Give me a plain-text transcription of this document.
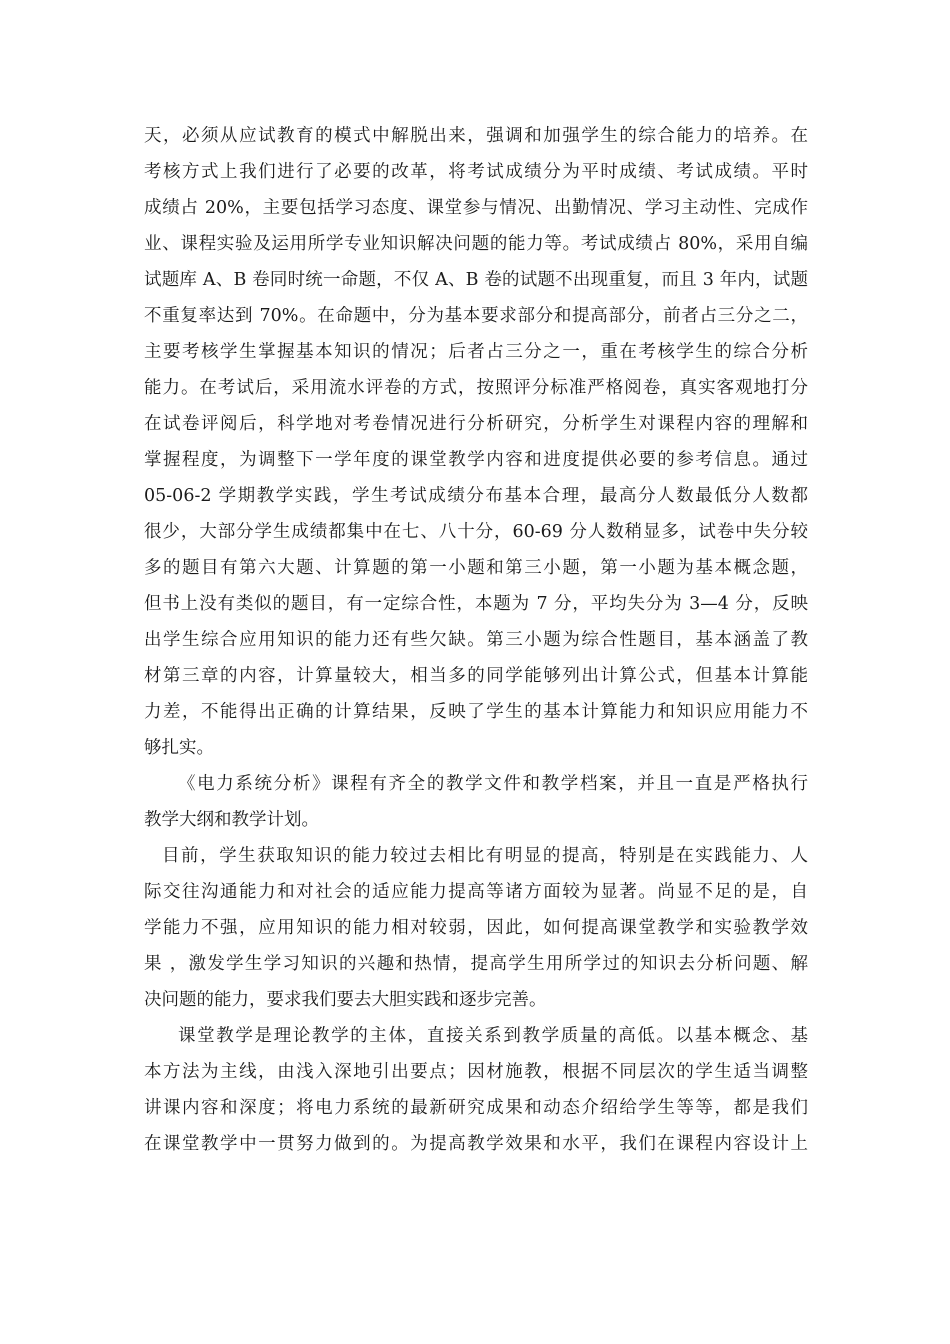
天，必须从应试教育的模式中解脱出来，强调和加强学生的综合能力的培养。在
考核方式上我们进行了必要的改革，将考试成绩分为平时成绩、考试成绩。平时
成绩占 20%，主要包括学习态度、课堂参与情况、出勤情况、学习主动性、完成作
业、课程实验及运用所学专业知识解决问题的能力等。考试成绩占 80%，采用自编
试题库 A、B 卷同时统一命题，不仅 A、B 卷的试题不出现重复，而且 3 年内，试题
不重复率达到 70%。在命题中，分为基本要求部分和提高部分，前者占三分之二，
主要考核学生掌握基本知识的情况；后者占三分之一，重在考核学生的综合分析
能力。在考试后，采用流水评卷的方式，按照评分标准严格阅卷，真实客观地打分
在试卷评阅后，科学地对考卷情况进行分析研究，分析学生对课程内容的理解和
掌握程度，为调整下一学年度的课堂教学内容和进度提供必要的参考信息。通过
05-06-2 学期教学实践，学生考试成绩分布基本合理，最高分人数最低分人数都
很少，大部分学生成绩都集中在七、八十分，60-69 分人数稍显多，试卷中失分较
多的题目有第六大题、计算题的第一小题和第三小题，第一小题为基本概念题，
但书上没有类似的题目，有一定综合性，本题为 7 分，平均失分为 3—4 分，反映
出学生综合应用知识的能力还有些欠缺。第三小题为综合性题目，基本涵盖了教
材第三章的内容，计算量较大，相当多的同学能够列出计算公式，但基本计算能
力差，不能得出正确的计算结果，反映了学生的基本计算能力和知识应用能力不
够扎实。
《电力系统分析》课程有齐全的教学文件和教学档案，并且一直是严格执行
教学大纲和教学计划。
目前，学生获取知识的能力较过去相比有明显的提高，特别是在实践能力、人
际交往沟通能力和对社会的适应能力提高等诸方面较为显著。尚显不足的是，自
学能力不强，应用知识的能力相对较弱，因此，如何提高课堂教学和实验教学效
果 ，激发学生学习知识的兴趣和热情，提高学生用所学过的知识去分析问题、解
决问题的能力，要求我们要去大胆实践和逐步完善。
课堂教学是理论教学的主体，直接关系到教学质量的高低。以基本概念、基
本方法为主线，由浅入深地引出要点；因材施教，根据不同层次的学生适当调整
讲课内容和深度；将电力系统的最新研究成果和动态介绍给学生等等，都是我们
在课堂教学中一贯努力做到的。为提高教学效果和水平，我们在课程内容设计上
